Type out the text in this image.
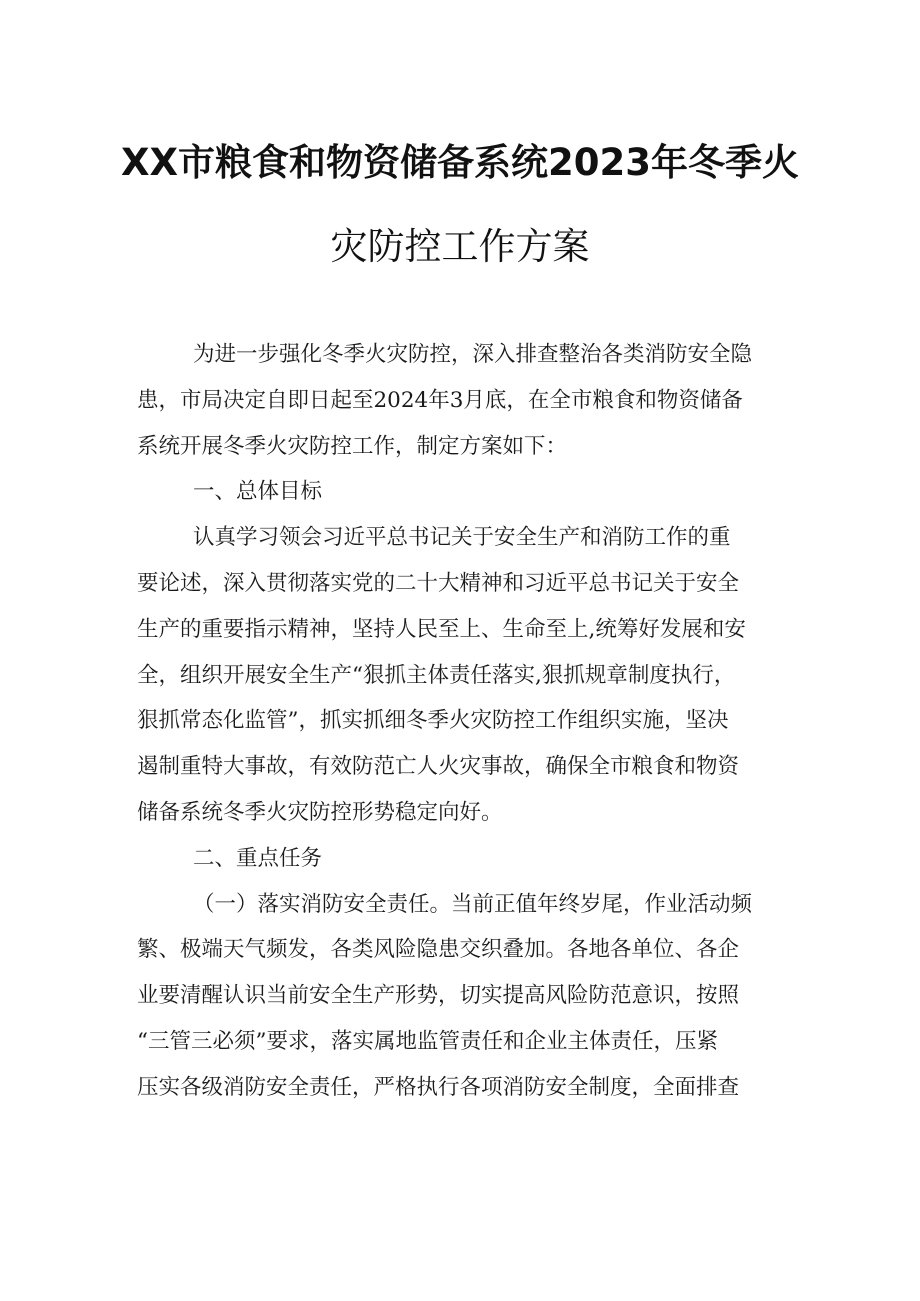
XX市粮食和物资储备系统2023年冬季火
灾防控工作方案
为进一步强化冬季火灾防控，深入排查整治各类消防安全隐
患，市局决定自即日起至2024年3月底，在全市粮食和物资储备
系统开展冬季火灾防控工作，制定方案如下：
一、总体目标
认真学习领会习近平总书记关于安全生产和消防工作的重
要论述，深入贯彻落实党的二十大精神和习近平总书记关于安全
生产的重要指示精神，坚持人民至上、生命至上,统筹好发展和安
全，组织开展安全生产“狠抓主体责任落实,狠抓规章制度执行，
狠抓常态化监管”，抓实抓细冬季火灾防控工作组织实施，坚决
遏制重特大事故，有效防范亡人火灾事故，确保全市粮食和物资
储备系统冬季火灾防控形势稳定向好。
二、重点任务
（一）落实消防安全责任。当前正值年终岁尾，作业活动频
繁、极端天气频发，各类风险隐患交织叠加。各地各单位、各企
业要清醒认识当前安全生产形势，切实提高风险防范意识，按照
“三管三必须”要求，落实属地监管责任和企业主体责任，压紧
压实各级消防安全责任，严格执行各项消防安全制度，全面排查
